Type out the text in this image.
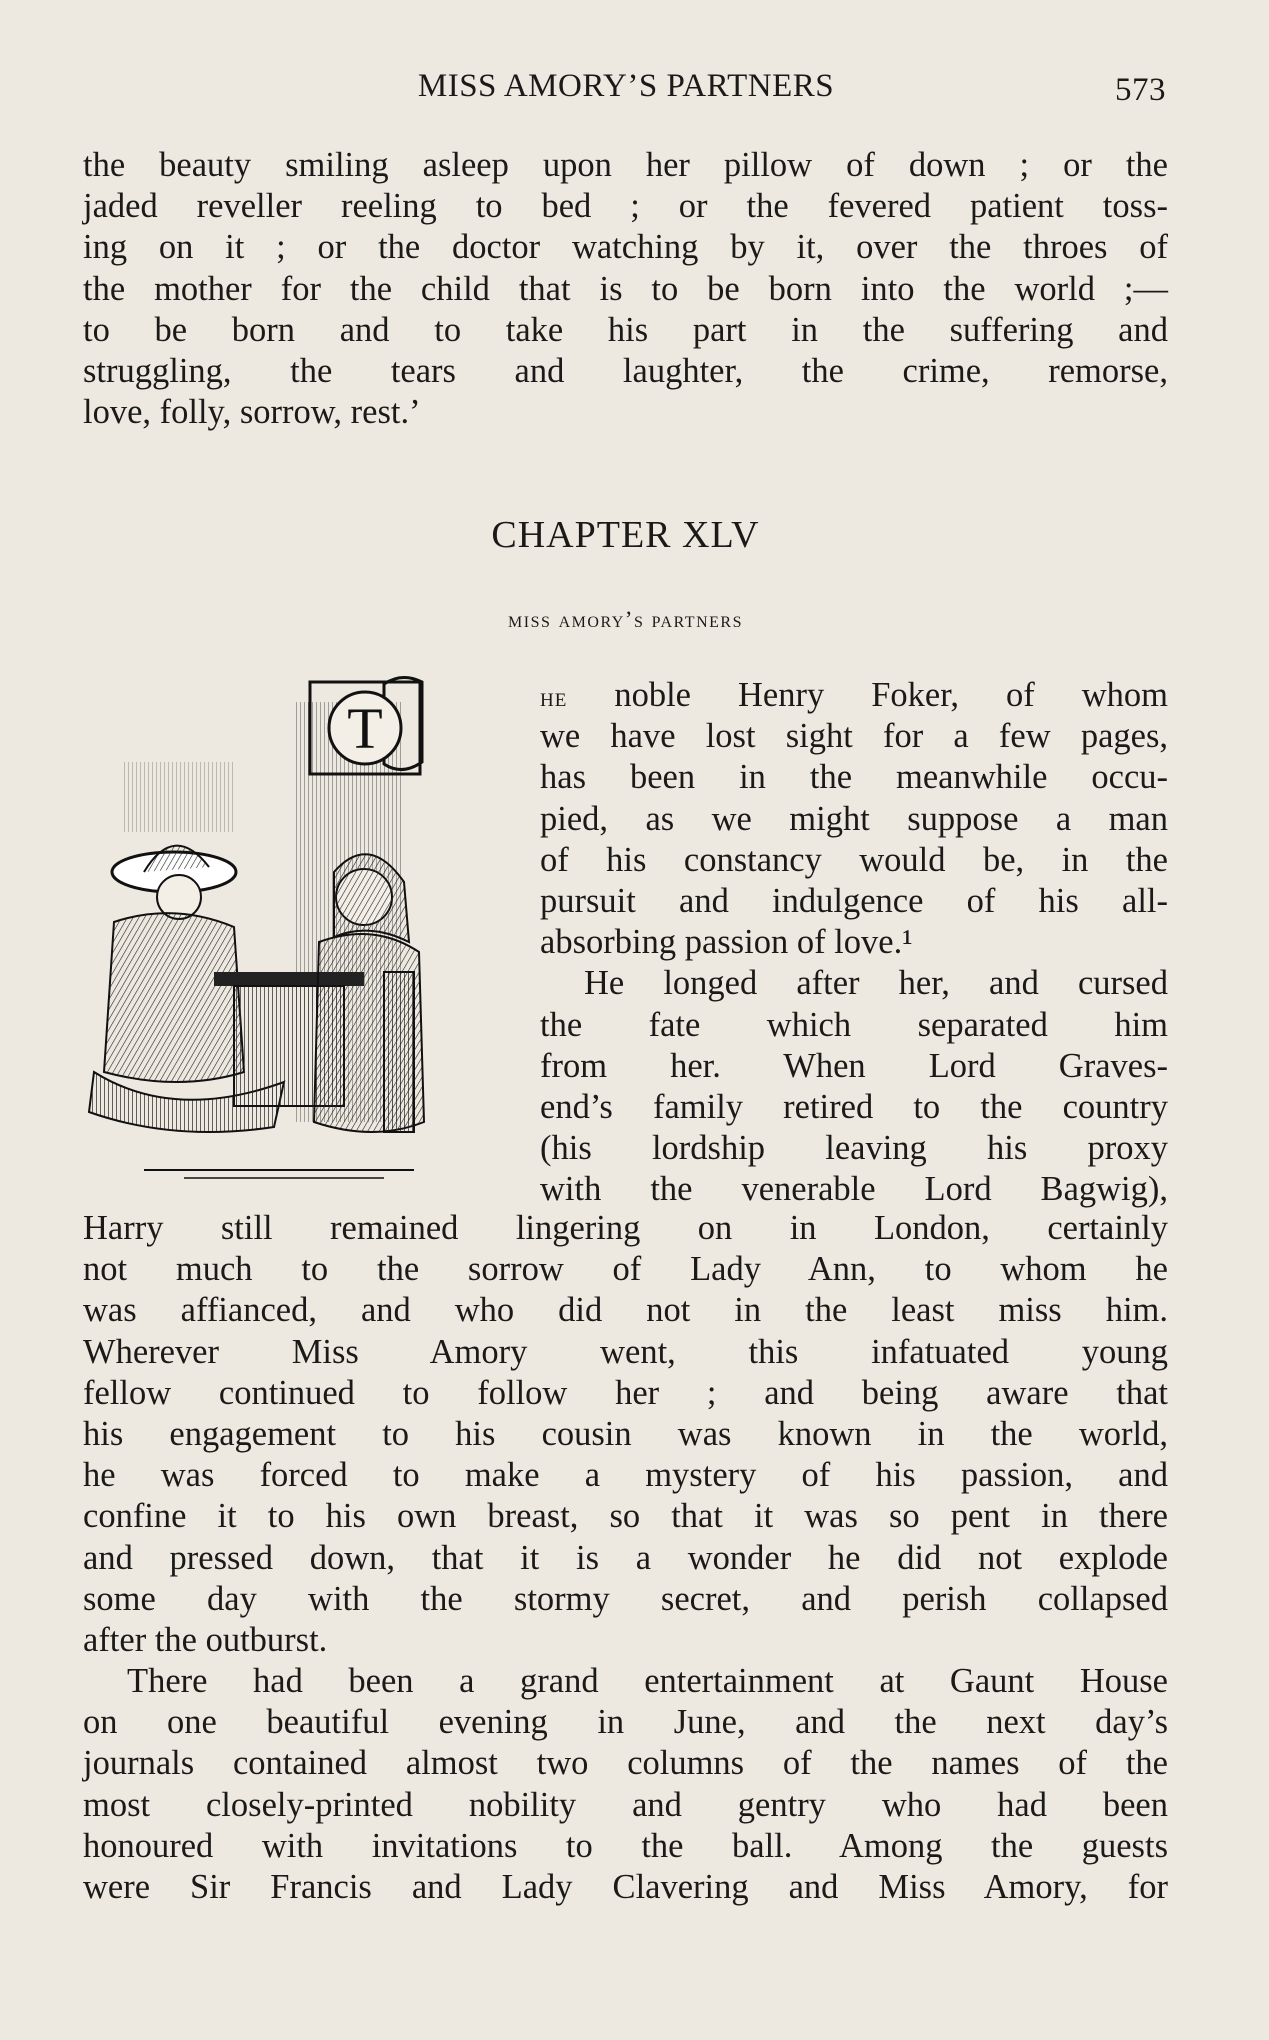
MISS AMORY’S PARTNERS	573
the beauty smiling asleep upon her pillow of down ; or the
jaded reveller reeling to bed ; or the fevered patient toss-
ing on it ; or the doctor watching by it, over the throes of
the mother for the child that is to be born into the world ;—
to be born and to take his part in the suffering and
struggling, the tears and laughter, the crime, remorse,
love, folly, sorrow, rest.’
CHAPTER XLV
miss amory’s partners
T	he noble Henry Foker, of whom
we have lost sight for a few pages,
has been in the meanwhile occu-
pied, as we might suppose a man
of his constancy would be, in the
pursuit and indulgence of his all-
absorbing passion of love.¹
He longed after her, and cursed
the fate which separated him
from her. When Lord Graves-
end’s family retired to the country
(his lordship leaving his proxy
with the venerable Lord Bagwig),
Harry still remained lingering on in London, certainly
not much to the sorrow of Lady Ann, to whom he
was affianced, and who did not in the least miss him.
Wherever Miss Amory went, this infatuated young
fellow continued to follow her ; and being aware that
his engagement to his cousin was known in the world,
he was forced to make a mystery of his passion, and
confine it to his own breast, so that it was so pent in there
and pressed down, that it is a wonder he did not explode
some day with the stormy secret, and perish collapsed
after the outburst.
There had been a grand entertainment at Gaunt House
on one beautiful evening in June, and the next day’s
journals contained almost two columns of the names of the
most closely-printed nobility and gentry who had been
honoured with invitations to the ball. Among the guests
were Sir Francis and Lady Clavering and Miss Amory, for
